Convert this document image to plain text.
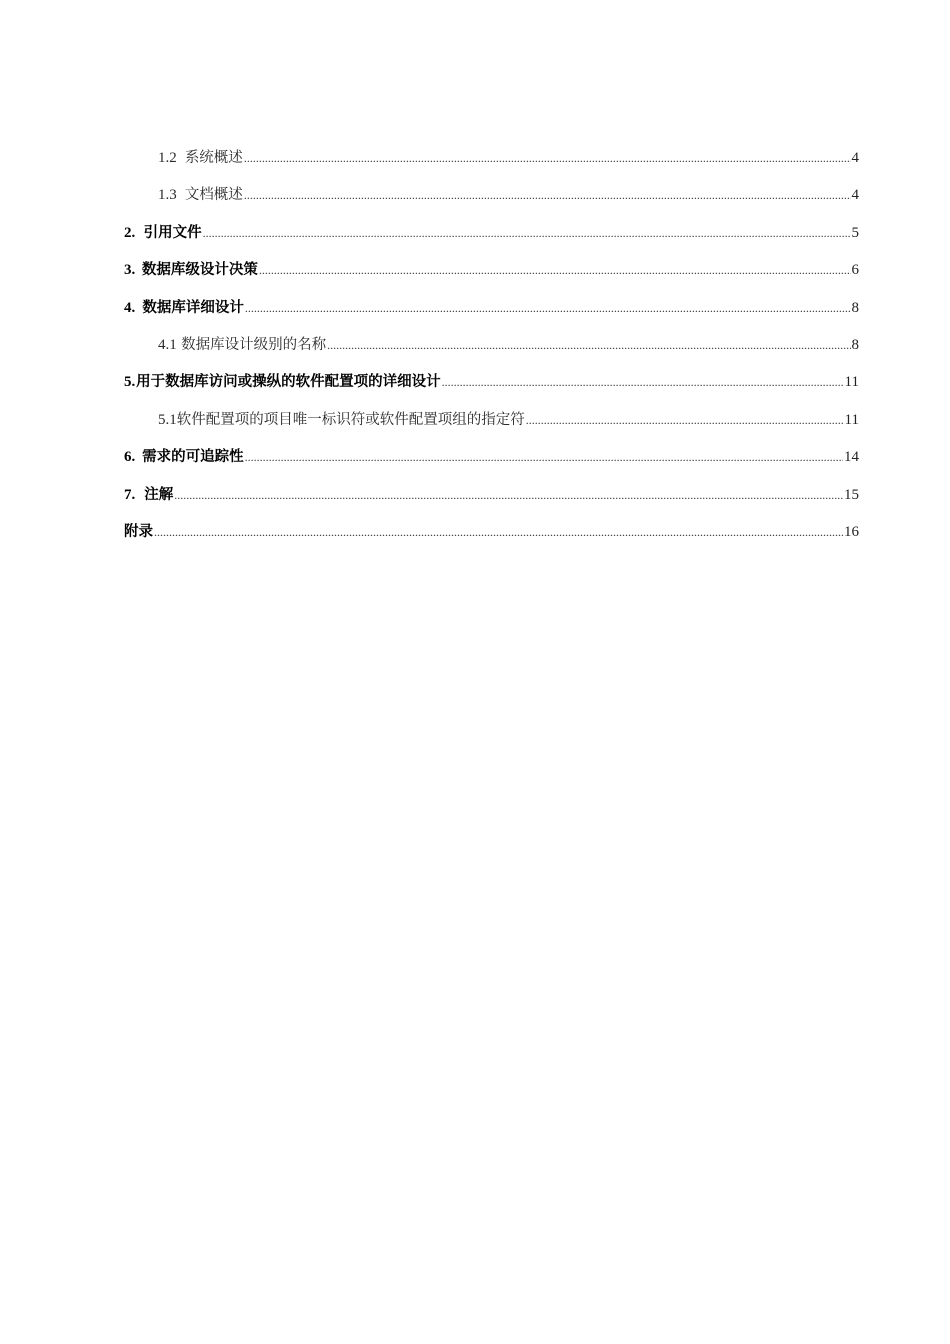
1.2 系统概述 .....	4
1.3 文档概述 .....	4
2. 引用文件 .....	5
3. 数据库级设计决策 .....	6
4. 数据库详细设计 .....	8
4.1 数据库设计级别的名称 .....	8
5. 用于数据库访问或操纵的软件配置项的详细设计 .....	11
5.1 软件配置项的项目唯一标识符或软件配置项组的指定符 .....	11
6. 需求的可追踪性 .....	14
7. 注解 .....	15
附录 .....	16
